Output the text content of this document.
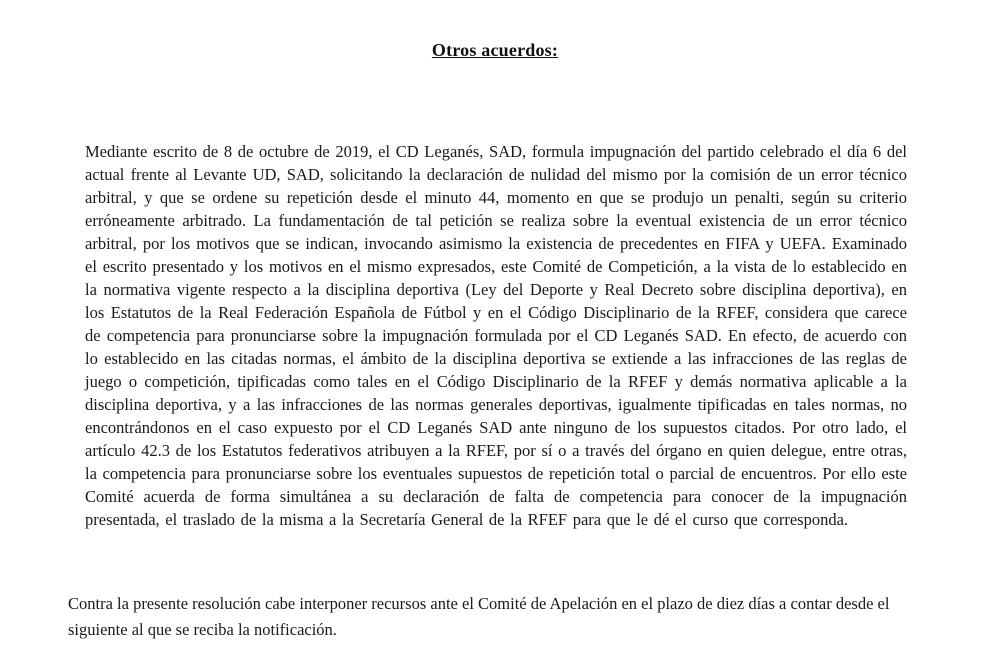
Otros acuerdos:

Mediante escrito de 8 de octubre de 2019, el CD Leganés, SAD, formula impugnación del partido celebrado el día 6 del actual frente al Levante UD, SAD, solicitando la declaración de nulidad del mismo por la comisión de un error técnico arbitral, y que se ordene su repetición desde el minuto 44, momento en que se produjo un penalti, según su criterio erróneamente arbitrado. La fundamentación de tal petición se realiza sobre la eventual existencia de un error técnico arbitral, por los motivos que se indican, invocando asimismo la existencia de precedentes en FIFA y UEFA. Examinado el escrito presentado y los motivos en el mismo expresados, este Comité de Competición, a la vista de lo establecido en la normativa vigente respecto a la disciplina deportiva (Ley del Deporte y Real Decreto sobre disciplina deportiva), en los Estatutos de la Real Federación Española de Fútbol y en el Código Disciplinario de la RFEF, considera que carece de competencia para pronunciarse sobre la impugnación formulada por el CD Leganés SAD. En efecto, de acuerdo con lo establecido en las citadas normas, el ámbito de la disciplina deportiva se extiende a las infracciones de las reglas de juego o competición, tipificadas como tales en el Código Disciplinario de la RFEF y demás normativa aplicable a la disciplina deportiva, y a las infracciones de las normas generales deportivas, igualmente tipificadas en tales normas, no encontrándonos en el caso expuesto por el CD Leganés SAD ante ninguno de los supuestos citados. Por otro lado, el artículo 42.3 de los Estatutos federativos atribuyen a la RFEF, por sí o a través del órgano en quien delegue, entre otras, la competencia para pronunciarse sobre los eventuales supuestos de repetición total o parcial de encuentros. Por ello este Comité acuerda de forma simultánea a su declaración de falta de competencia para conocer de la impugnación presentada, el traslado de la misma a la Secretaría General de la RFEF para que le dé el curso que corresponda.

Contra la presente resolución cabe interponer recursos ante el Comité de Apelación en el plazo de diez días a contar desde el siguiente al que se reciba la notificación.
